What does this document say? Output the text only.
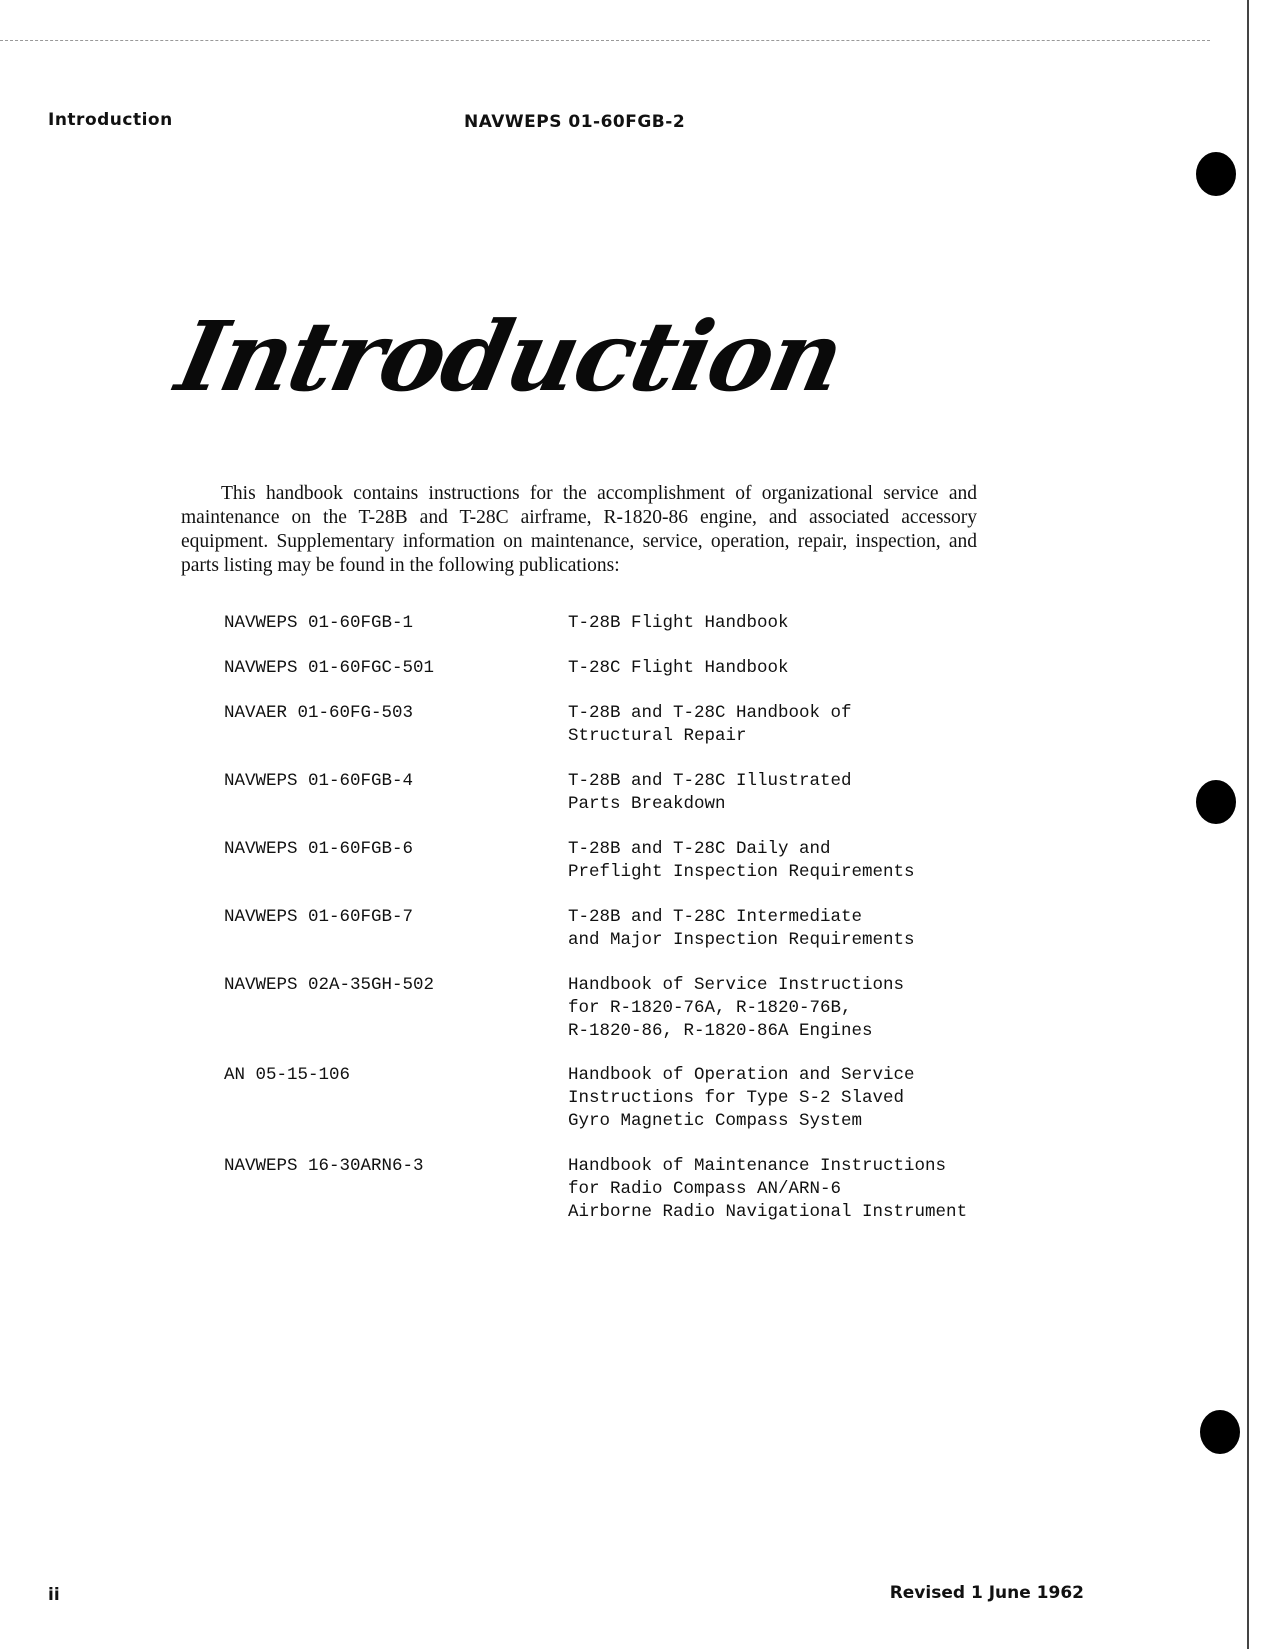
Introduction	NAVWEPS 01-60FGB-2
Introduction

This handbook contains instructions for the accomplishment of organizational service and maintenance on the T-28B and T-28C airframe, R-1820-86 engine, and associated accessory equipment. Supplementary information on maintenance, service, operation, repair, inspection, and parts listing may be found in the following publications:

NAVWEPS 01-60FGB-1	T-28B Flight Handbook
NAVWEPS 01-60FGC-501	T-28C Flight Handbook
NAVAER 01-60FG-503	T-28B and T-28C Handbook of
Structural Repair
NAVWEPS 01-60FGB-4	T-28B and T-28C Illustrated
Parts Breakdown
NAVWEPS 01-60FGB-6	T-28B and T-28C Daily and
Preflight Inspection Requirements
NAVWEPS 01-60FGB-7	T-28B and T-28C Intermediate
and Major Inspection Requirements
NAVWEPS 02A-35GH-502	Handbook of Service Instructions
for R-1820-76A, R-1820-76B,
R-1820-86, R-1820-86A Engines
AN 05-15-106	Handbook of Operation and Service
Instructions for Type S-2 Slaved
Gyro Magnetic Compass System
NAVWEPS 16-30ARN6-3	Handbook of Maintenance Instructions
for Radio Compass AN/ARN-6
Airborne Radio Navigational Instrument
ii	Revised 1 June 1962
